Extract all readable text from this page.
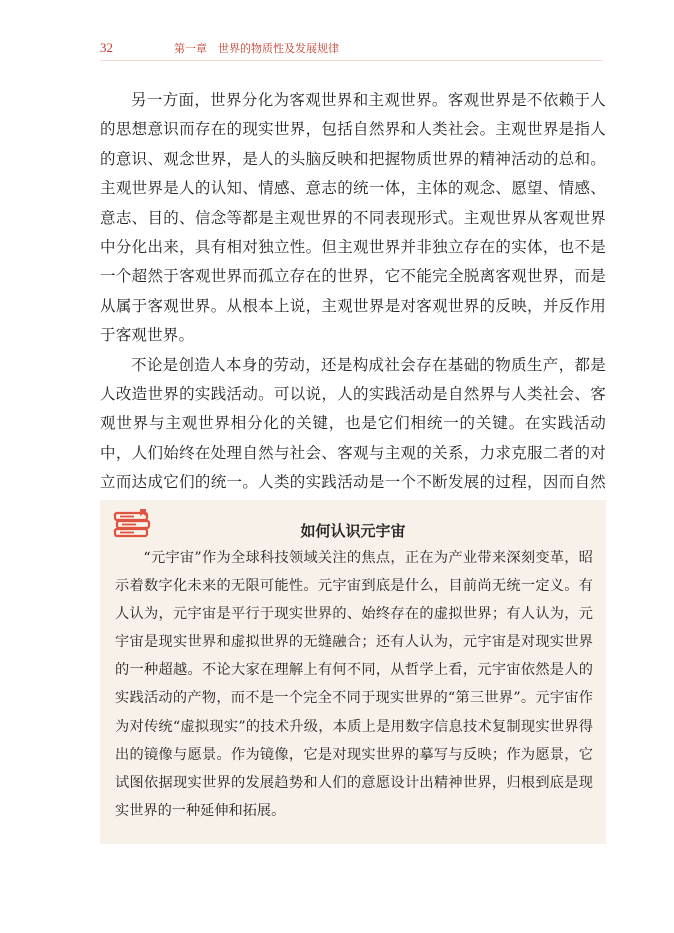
32	第一章　世界的物质性及发展规律

另一方面，世界分化为客观世界和主观世界。客观世界是不依赖于人的思想意识而存在的现实世界，包括自然界和人类社会。主观世界是指人的意识、观念世界，是人的头脑反映和把握物质世界的精神活动的总和。主观世界是人的认知、情感、意志的统一体，主体的观念、愿望、情感、意志、目的、信念等都是主观世界的不同表现形式。主观世界从客观世界中分化出来，具有相对独立性。但主观世界并非独立存在的实体，也不是一个超然于客观世界而孤立存在的世界，它不能完全脱离客观世界，而是从属于客观世界。从根本上说，主观世界是对客观世界的反映，并反作用于客观世界。

不论是创造人本身的劳动，还是构成社会存在基础的物质生产，都是人改造世界的实践活动。可以说，人的实践活动是自然界与人类社会、客观世界与主观世界相分化的关键，也是它们相统一的关键。在实践活动中，人们始终在处理自然与社会、客观与主观的关系，力求克服二者的对立而达成它们的统一。人类的实践活动是一个不断发展的过程，因而自然

如何认识元宇宙

“元宇宙”作为全球科技领域关注的焦点，正在为产业带来深刻变革，昭示着数字化未来的无限可能性。元宇宙到底是什么，目前尚无统一定义。有人认为，元宇宙是平行于现实世界的、始终存在的虚拟世界；有人认为，元宇宙是现实世界和虚拟世界的无缝融合；还有人认为，元宇宙是对现实世界的一种超越。不论大家在理解上有何不同，从哲学上看，元宇宙依然是人的实践活动的产物，而不是一个完全不同于现实世界的“第三世界”。元宇宙作为对传统“虚拟现实”的技术升级，本质上是用数字信息技术复制现实世界得出的镜像与愿景。作为镜像，它是对现实世界的摹写与反映；作为愿景，它试图依据现实世界的发展趋势和人们的意愿设计出精神世界，归根到底是现实世界的一种延伸和拓展。
